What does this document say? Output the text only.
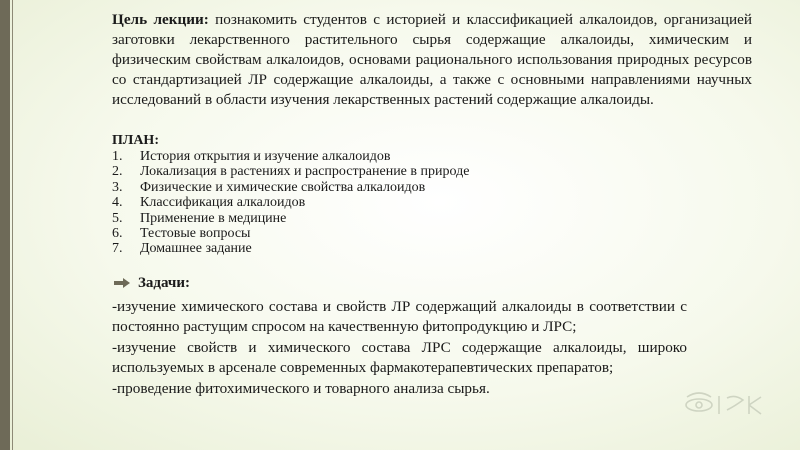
Цель лекции: познакомить студентов с историей и классификацией алкалоидов, организацией заготовки лекарственного растительного сырья содержащие алкалоиды, химическим и физическим свойствам алкалоидов, основами рационального использования природных ресурсов со стандартизацией ЛР содержащие алкалоиды, а также с основными направлениями научных исследований в области изучения лекарственных растений содержащие алкалоиды.

ПЛАН:
1.	История открытия и изучение алкалоидов
2.	Локализация в растениях и распространение в природе
3.	Физические и химические свойства алкалоидов
4.	Классификация алкалоидов
5.	Применение в медицине
6.	Тестовые вопросы
7.	Домашнее задание
Задачи:

-изучение химического состава и свойств ЛР содержащий алкалоиды в соответствии с постоянно растущим спросом на качественную фитопродукцию и ЛРС;

-изучение свойств и химического состава ЛРС содержащие алкалоиды, широко используемых в арсенале современных фармакотерапевтических препаратов;

-проведение фитохимического и товарного анализа сырья.
